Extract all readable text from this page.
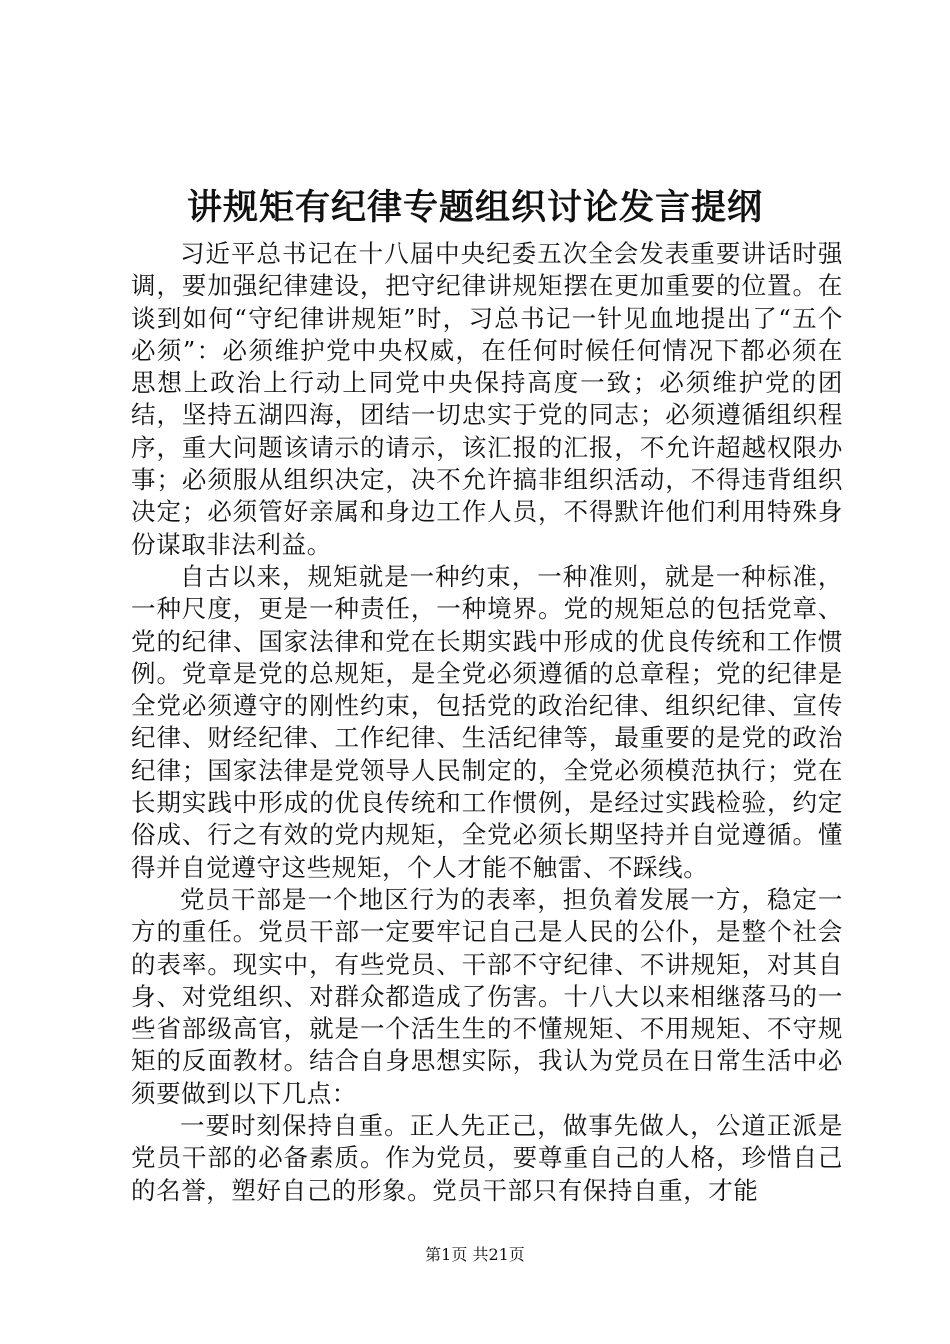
讲规矩有纪律专题组织讨论发言提纲

习近平总书记在十八届中央纪委五次全会发表重要讲话时强调，要加强纪律建设，把守纪律讲规矩摆在更加重要的位置。在谈到如何“守纪律讲规矩”时，习总书记一针见血地提出了“五个必须”：必须维护党中央权威，在任何时候任何情况下都必须在思想上政治上行动上同党中央保持高度一致；必须维护党的团结，坚持五湖四海，团结一切忠实于党的同志；必须遵循组织程序，重大问题该请示的请示，该汇报的汇报，不允许超越权限办事；必须服从组织决定，决不允许搞非组织活动，不得违背组织决定；必须管好亲属和身边工作人员，不得默许他们利用特殊身份谋取非法利益。

自古以来，规矩就是一种约束，一种准则，就是一种标准，一种尺度，更是一种责任，一种境界。党的规矩总的包括党章、党的纪律、国家法律和党在长期实践中形成的优良传统和工作惯例。党章是党的总规矩，是全党必须遵循的总章程；党的纪律是全党必须遵守的刚性约束，包括党的政治纪律、组织纪律、宣传纪律、财经纪律、工作纪律、生活纪律等，最重要的是党的政治纪律；国家法律是党领导人民制定的，全党必须模范执行；党在长期实践中形成的优良传统和工作惯例，是经过实践检验，约定俗成、行之有效的党内规矩，全党必须长期坚持并自觉遵循。懂得并自觉遵守这些规矩，个人才能不触雷、不踩线。

党员干部是一个地区行为的表率，担负着发展一方，稳定一方的重任。党员干部一定要牢记自己是人民的公仆，是整个社会的表率。现实中，有些党员、干部不守纪律、不讲规矩，对其自身、对党组织、对群众都造成了伤害。十八大以来相继落马的一些省部级高官，就是一个活生生的不懂规矩、不用规矩、不守规矩的反面教材。结合自身思想实际，我认为党员在日常生活中必须要做到以下几点：

一要时刻保持自重。正人先正己，做事先做人，公道正派是党员干部的必备素质。作为党员，要尊重自己的人格，珍惜自己的名誉，塑好自己的形象。党员干部只有保持自重，才能

第1页 共21页
